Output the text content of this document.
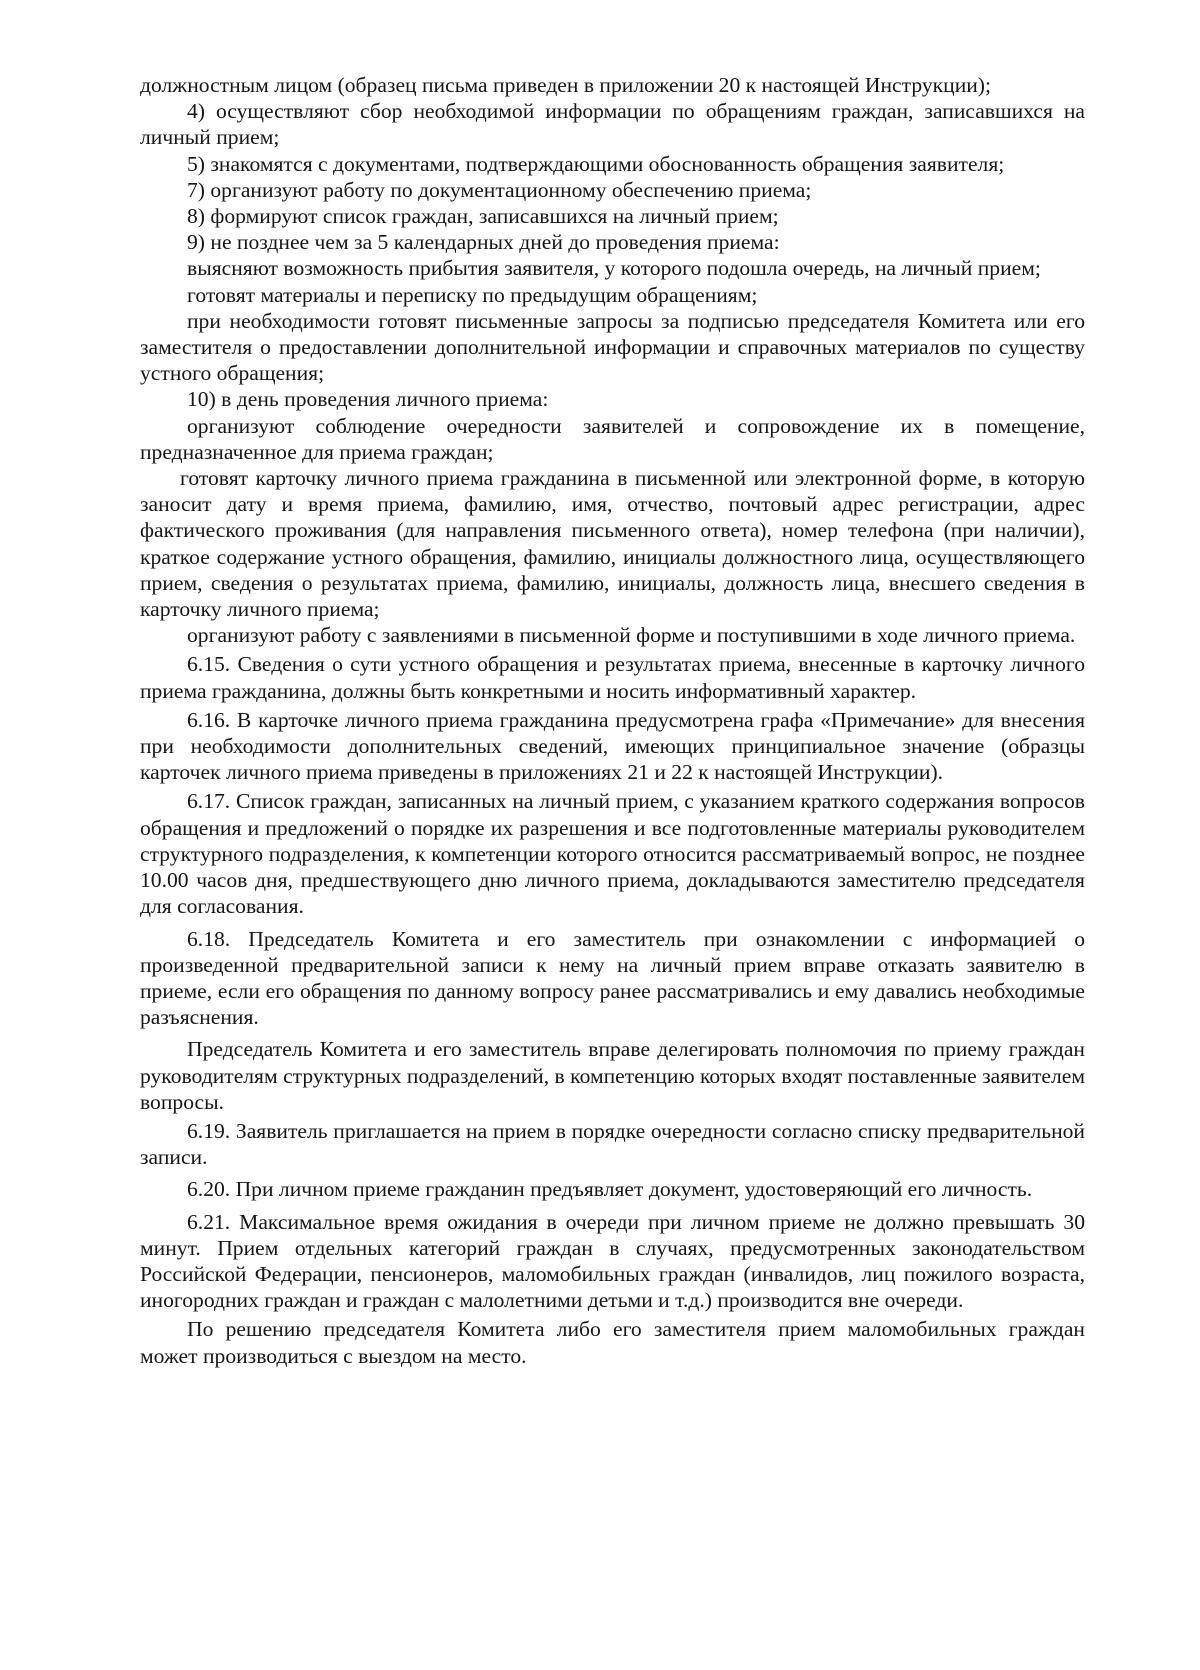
должностным лицом (образец письма приведен в приложении 20 к настоящей Инструкции);

4) осуществляют сбор необходимой информации по обращениям граждан, записавшихся на личный прием;

5) знакомятся с документами, подтверждающими обоснованность обращения заявителя;

7) организуют работу по документационному обеспечению приема;

8) формируют список граждан, записавшихся на личный прием;

9) не позднее чем за 5 календарных дней до проведения приема:

выясняют возможность прибытия заявителя, у которого подошла очередь, на личный прием;

готовят материалы и переписку по предыдущим обращениям;

при необходимости готовят письменные запросы за подписью председателя Комитета или его заместителя о предоставлении дополнительной информации и справочных материалов по существу устного обращения;

10) в день проведения личного приема:

организуют соблюдение очередности заявителей и сопровождение их в помещение, предназначенное для приема граждан;

готовят карточку личного приема гражданина в письменной или электронной форме, в которую заносит дату и время приема, фамилию, имя, отчество, почтовый адрес регистрации, адрес фактического проживания (для направления письменного ответа), номер телефона (при наличии), краткое содержание устного обращения, фамилию, инициалы должностного лица, осуществляющего прием, сведения о результатах приема, фамилию, инициалы, должность лица, внесшего сведения в карточку личного приема;

организуют работу с заявлениями в письменной форме и поступившими в ходе личного приема.

6.15. Сведения о сути устного обращения и результатах приема, внесенные в карточку личного приема гражданина, должны быть конкретными и носить информативный характер.

6.16. В карточке личного приема гражданина предусмотрена графа «Примечание» для внесения при необходимости дополнительных сведений, имеющих принципиальное значение (образцы карточек личного приема приведены в приложениях 21 и 22 к настоящей Инструкции).

6.17. Список граждан, записанных на личный прием, с указанием краткого содержания вопросов обращения и предложений о порядке их разрешения и все подготовленные материалы руководителем структурного подразделения, к компетенции которого относится рассматриваемый вопрос, не позднее 10.00 часов дня, предшествующего дню личного приема, докладываются заместителю председателя для согласования.

6.18. Председатель Комитета и его заместитель при ознакомлении с информацией о произведенной предварительной записи к нему на личный прием вправе отказать заявителю в приеме, если его обращения по данному вопросу ранее рассматривались и ему давались необходимые разъяснения.

Председатель Комитета и его заместитель вправе делегировать полномочия по приему граждан руководителям структурных подразделений, в компетенцию которых входят поставленные заявителем вопросы.

6.19. Заявитель приглашается на прием в порядке очередности согласно списку предварительной записи.

6.20. При личном приеме гражданин предъявляет документ, удостоверяющий его личность.

6.21. Максимальное время ожидания в очереди при личном приеме не должно превышать 30 минут. Прием отдельных категорий граждан в случаях, предусмотренных законодательством Российской Федерации, пенсионеров, маломобильных граждан (инвалидов, лиц пожилого возраста, иногородних граждан и граждан с малолетними детьми и т.д.) производится вне очереди.

По решению председателя Комитета либо его заместителя прием маломобильных граждан может производиться с выездом на место.
